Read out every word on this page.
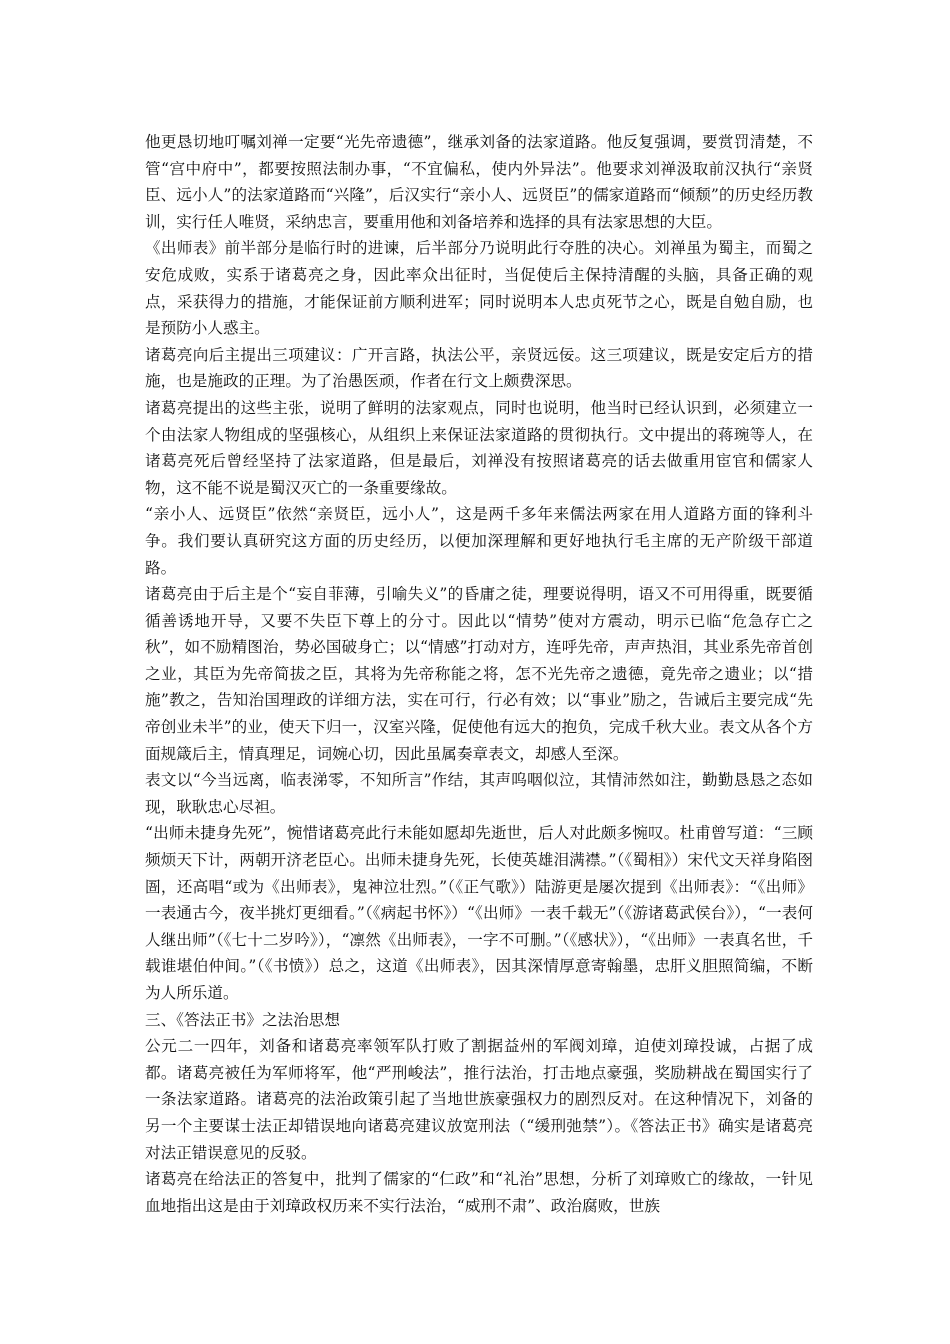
他更恳切地叮嘱刘禅一定要“光先帝遗德”，继承刘备的法家道路。他反复强调，要赏罚清楚，不管“宫中府中”，都要按照法制办事，“不宜偏私，使内外异法”。他要求刘禅汲取前汉执行“亲贤臣、远小人”的法家道路而“兴隆”，后汉实行“亲小人、远贤臣”的儒家道路而“倾颓”的历史经历教训，实行任人唯贤，采纳忠言，要重用他和刘备培养和选择的具有法家思想的大臣。

《出师表》前半部分是临行时的进谏，后半部分乃说明此行夺胜的决心。刘禅虽为蜀主，而蜀之安危成败，实系于诸葛亮之身，因此率众出征时，当促使后主保持清醒的头脑，具备正确的观点，采获得力的措施，才能保证前方顺利进军；同时说明本人忠贞死节之心，既是自勉自励，也是预防小人惑主。

诸葛亮向后主提出三项建议：广开言路，执法公平，亲贤远佞。这三项建议，既是安定后方的措施，也是施政的正理。为了治愚医顽，作者在行文上颇费深思。

诸葛亮提出的这些主张，说明了鲜明的法家观点，同时也说明，他当时已经认识到，必须建立一个由法家人物组成的坚强核心，从组织上来保证法家道路的贯彻执行。文中提出的蒋琬等人，在诸葛亮死后曾经坚持了法家道路，但是最后，刘禅没有按照诸葛亮的话去做重用宦官和儒家人物，这不能不说是蜀汉灭亡的一条重要缘故。

“亲小人、远贤臣”依然“亲贤臣，远小人”，这是两千多年来儒法两家在用人道路方面的锋利斗争。我们要认真研究这方面的历史经历，以便加深理解和更好地执行毛主席的无产阶级干部道路。

诸葛亮由于后主是个“妄自菲薄，引喻失义”的昏庸之徒，理要说得明，语又不可用得重，既要循循善诱地开导，又要不失臣下尊上的分寸。因此以“情势”使对方震动，明示已临“危急存亡之秋”，如不励精图治，势必国破身亡；以“情感”打动对方，连呼先帝，声声热泪，其业系先帝首创之业，其臣为先帝简拔之臣，其将为先帝称能之将，怎不光先帝之遗德，竟先帝之遗业；以“措施”教之，告知治国理政的详细方法，实在可行，行必有效；以“事业”励之，告诫后主要完成“先帝创业未半”的业，使天下归一，汉室兴隆，促使他有远大的抱负，完成千秋大业。表文从各个方面规箴后主，情真理足，词婉心切，因此虽属奏章表文，却感人至深。

表文以“今当远离，临表涕零，不知所言”作结，其声呜咽似泣，其情沛然如注，勤勤恳恳之态如现，耿耿忠心尽袒。

“出师未捷身先死”，惋惜诸葛亮此行未能如愿却先逝世，后人对此颇多惋叹。杜甫曾写道：“三顾频烦天下计，两朝开济老臣心。出师未捷身先死，长使英雄泪满襟。”（《蜀相》）宋代文天祥身陷囹圄，还高唱“或为《出师表》，鬼神泣壮烈。”（《正气歌》）陆游更是屡次提到《出师表》：“《出师》一表通古今，夜半挑灯更细看。”（《病起书怀》）“《出师》一表千载无”（《游诸葛武侯台》），“一表何人继出师”（《七十二岁吟》），“凛然《出师表》，一字不可删。”（《感状》），“《出师》一表真名世，千载谁堪伯仲间。”（《书愤》）总之，这道《出师表》，因其深情厚意寄翰墨，忠肝义胆照简编，不断为人所乐道。

三、《答法正书》之法治思想

公元二一四年，刘备和诸葛亮率领军队打败了割据益州的军阀刘璋，迫使刘璋投诚，占据了成都。诸葛亮被任为军师将军，他“严刑峻法”，推行法治，打击地点豪强，奖励耕战在蜀国实行了一条法家道路。诸葛亮的法治政策引起了当地世族豪强权力的剧烈反对。在这种情况下，刘备的另一个主要谋士法正却错误地向诸葛亮建议放宽刑法（“缓刑弛禁”）。《答法正书》确实是诸葛亮对法正错误意见的反驳。

诸葛亮在给法正的答复中，批判了儒家的“仁政”和“礼治”思想，分析了刘璋败亡的缘故，一针见血地指出这是由于刘璋政权历来不实行法治，“威刑不肃”、政治腐败，世族
